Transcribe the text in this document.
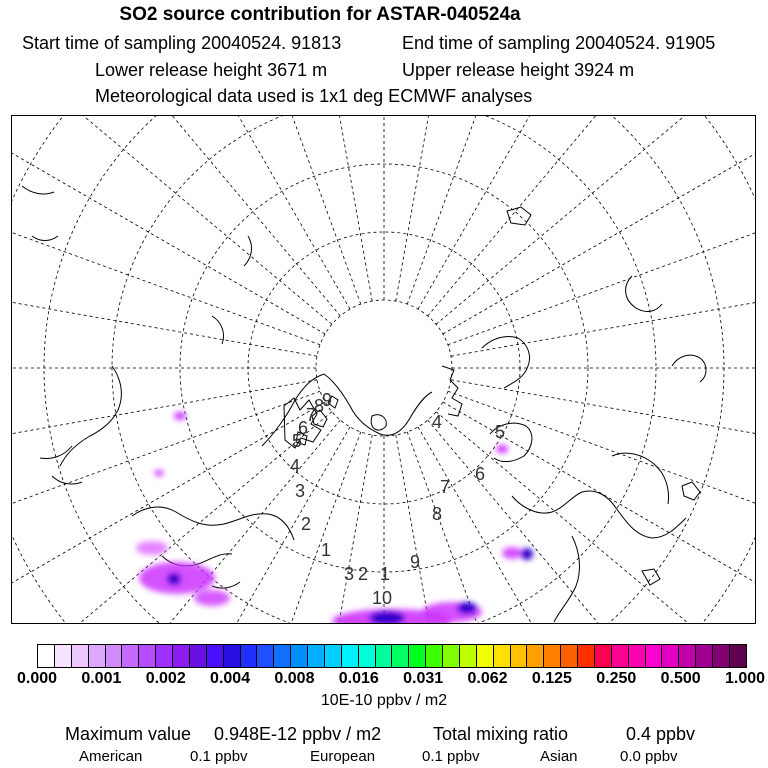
SO2 source contribution for ASTAR-040524a
Start time of sampling 20040524. 91813	End time of sampling 20040524. 91905
Lower release height 3671 m	Upper release height 3924 m
Meteorological data used is 1x1 deg ECMWF analyses
4	5
6
7
8
9
10
1
2
3
1
2
3
4
5
6
7
8
9
0.000	0.001	0.002	0.004	0.008	0.016	0.031	0.062	0.125	0.250	0.500	1.000
10E-10 ppbv / m2
Maximum value 0.948E-12 ppbv / m2	Total mixing ratio	0.4 ppbv
American	0.1 ppbv	European	0.1 ppbv	Asian	0.0 ppbv
